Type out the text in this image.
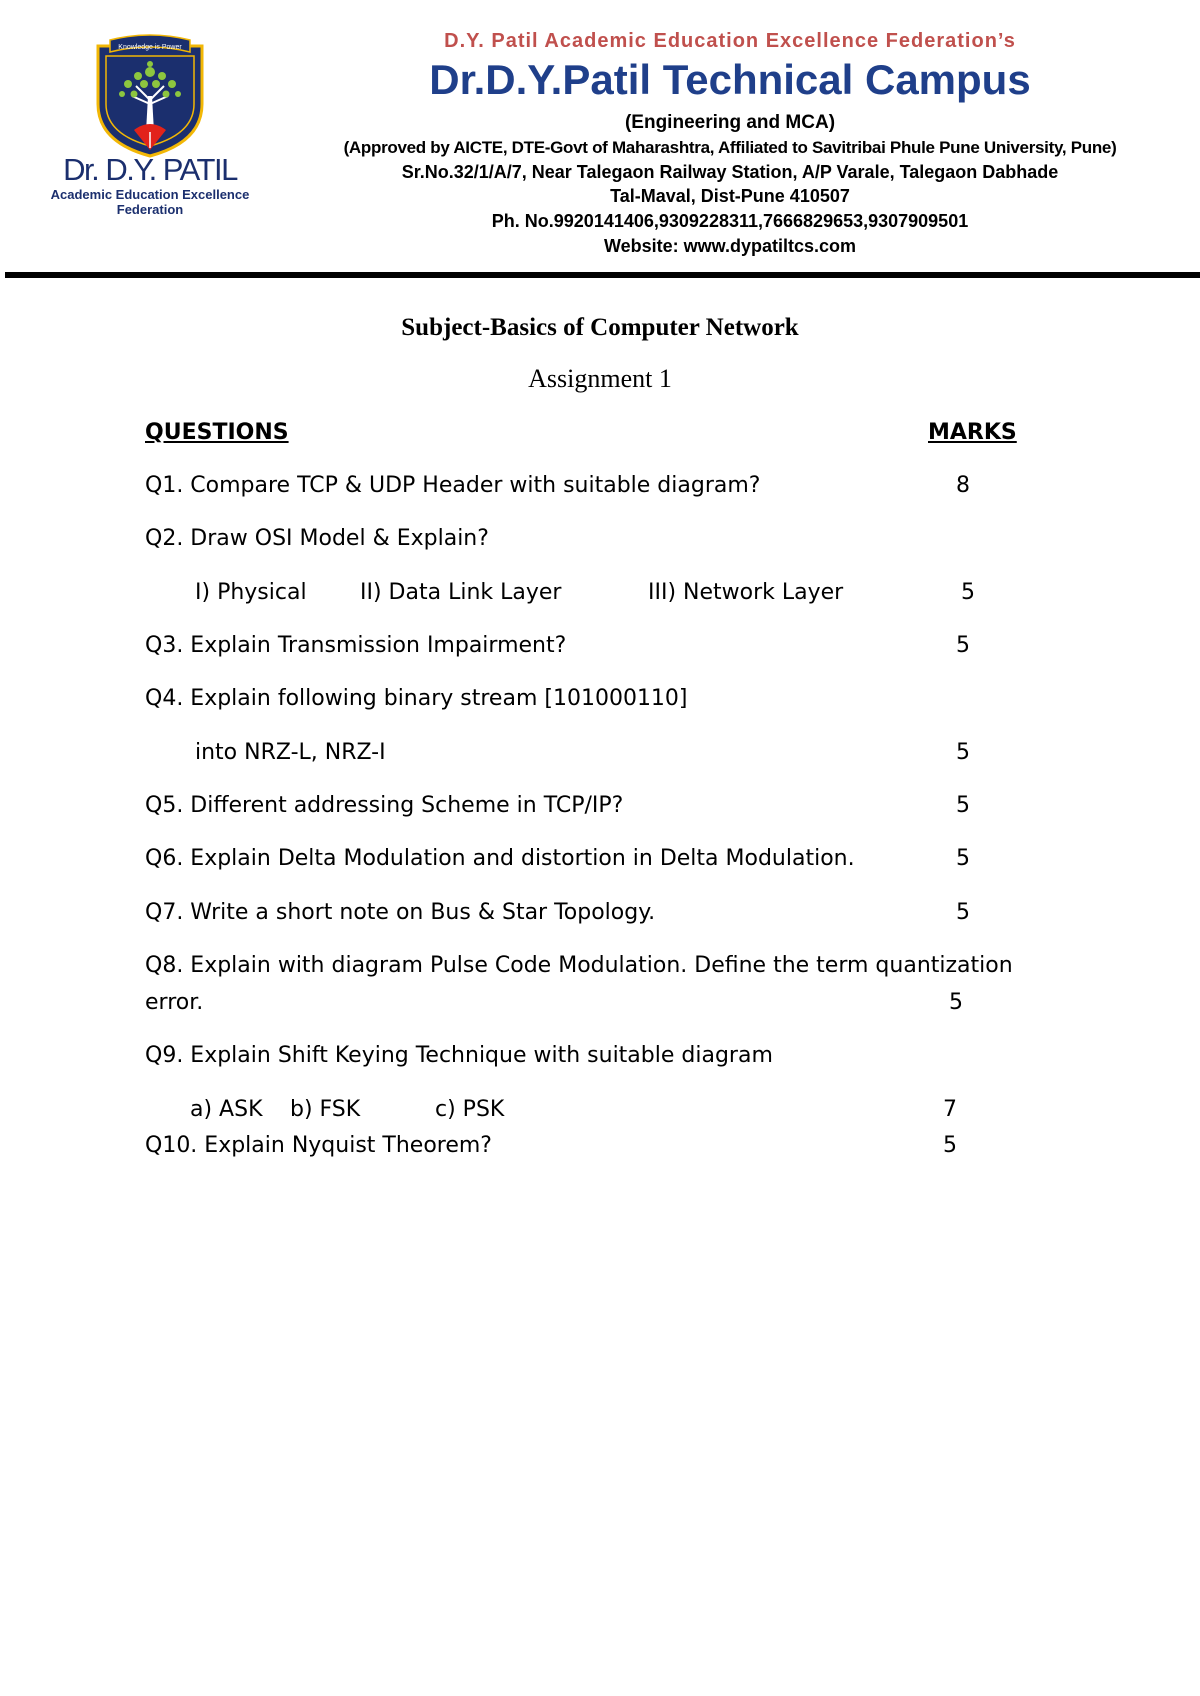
Knowledge is Power
Dr. D.Y. PATIL
Academic Education Excellence
Federation
D.Y. Patil Academic Education Excellence Federation’s
Dr.D.Y.Patil Technical Campus
(Engineering and MCA)
(Approved by AICTE, DTE-Govt of Maharashtra, Affiliated to Savitribai Phule Pune University, Pune)
Sr.No.32/1/A/7, Near Talegaon Railway Station, A/P Varale, Talegaon Dabhade
Tal-Maval, Dist-Pune 410507
Ph. No.9920141406,9309228311,7666829653,9307909501
Website: www.dypatiltcs.com
Subject-Basics of Computer Network
Assignment 1
QUESTIONS	MARKS
Q1. Compare TCP & UDP Header with suitable diagram?	8
Q2. Draw OSI Model & Explain?
I) Physical II) Data Link Layer	III) Network Layer	5
Q3. Explain Transmission Impairment?	5
Q4. Explain following binary stream [101000110]
into NRZ-L, NRZ-I	5
Q5. Different addressing Scheme in TCP/IP?	5
Q6. Explain Delta Modulation and distortion in Delta Modulation.	5
Q7. Write a short note on Bus & Star Topology.	5
Q8. Explain with diagram Pulse Code Modulation. Define the term quantization
error.	5
Q9. Explain Shift Keying Technique with suitable diagram
a) ASK b) FSK	c) PSK	7
Q10. Explain Nyquist Theorem?	5
